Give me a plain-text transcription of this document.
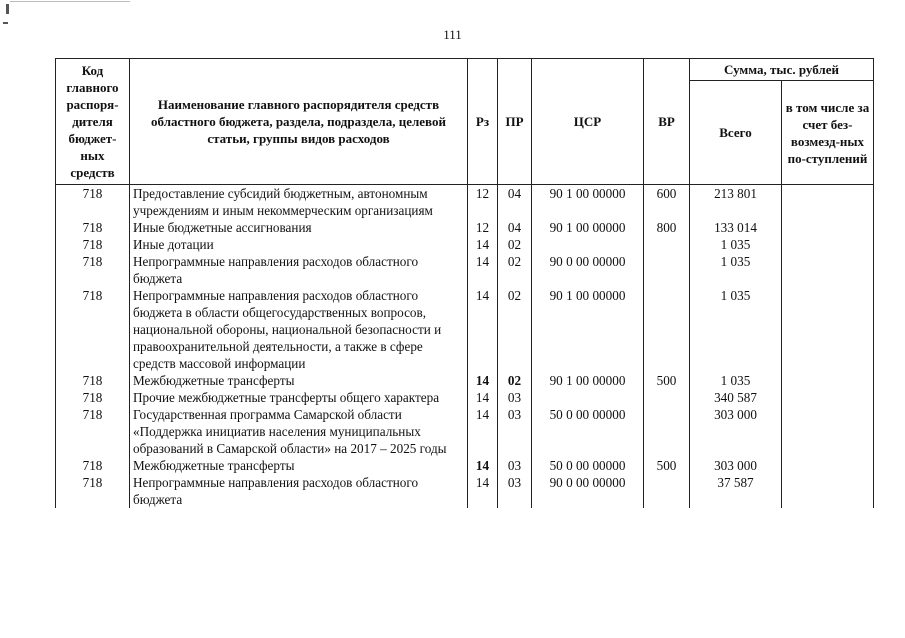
111
Код главного распоря-дителя бюджет-ных средств	Наименование главного распорядителя средств областного бюджета, раздела, подраздела, целевой статьи, группы видов расходов	Рз	ПР	ЦСР	ВР	Сумма, тыс. рублей	
						Всего	в том числе за счет без-возмезд-ных по-ступлений
718	Предоставление субсидий бюджетным, автономным учреждениям и иным некоммерческим организациям	12	04	90 1 00 00000	600	213 801	
718	Иные бюджетные ассигнования	12	04	90 1 00 00000	800	133 014	
718	Иные дотации	14	02			1 035	
718	Непрограммные направления расходов областного бюджета	14	02	90 0 00 00000		1 035	
718	Непрограммные направления расходов областного бюджета в области общегосударственных вопросов, национальной обороны, национальной безопасности и правоохранительной деятельности, а также в сфере средств массовой информации	14	02	90 1 00 00000		1 035	
718	Межбюджетные трансферты	14	02	90 1 00 00000	500	1 035	
718	Прочие межбюджетные трансферты общего характера	14	03			340 587	
718	Государственная программа Самарской области «Поддержка инициатив населения муниципальных образований в Самарской области» на 2017 – 2025 годы	14	03	50 0 00 00000		303 000	
718	Межбюджетные трансферты	14	03	50 0 00 00000	500	303 000	
718	Непрограммные направления расходов областного бюджета	14	03	90 0 00 00000		37 587	
